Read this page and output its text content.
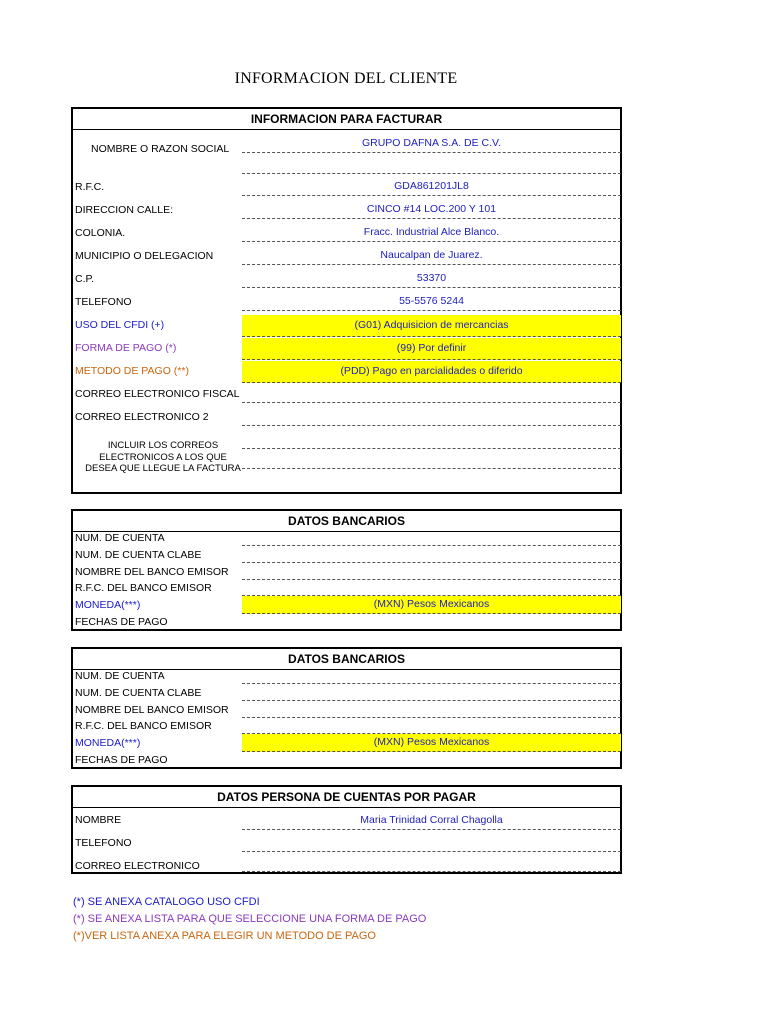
INFORMACION DEL CLIENTE
INFORMACION PARA FACTURAR
NOMBRE O RAZON SOCIAL	GRUPO DAFNA S.A. DE C.V.
R.F.C.	GDA861201JL8
DIRECCION CALLE:	CINCO #14 LOC.200 Y 101
COLONIA.	Fracc. Industrial Alce Blanco.
MUNICIPIO O DELEGACION	Naucalpan de Juarez.
C.P.	53370
TELEFONO	55-5576 5244
USO DEL CFDI (+)	(G01) Adquisicion de mercancias
FORMA DE PAGO (*)	(99) Por definir
METODO DE PAGO (**)	(PDD) Pago en parcialidades o diferido
CORREO ELECTRONICO FISCAL
CORREO ELECTRONICO 2
INCLUIR LOS CORREOS ELECTRONICOS A LOS QUE DESEA QUE LLEGUE LA FACTURA
DATOS BANCARIOS
NUM. DE CUENTA
NUM. DE CUENTA CLABE
NOMBRE DEL BANCO EMISOR
R.F.C. DEL BANCO EMISOR
MONEDA(***)	(MXN) Pesos Mexicanos
FECHAS DE PAGO
DATOS BANCARIOS
NUM. DE CUENTA
NUM. DE CUENTA CLABE
NOMBRE DEL BANCO EMISOR
R.F.C. DEL BANCO EMISOR
MONEDA(***)	(MXN) Pesos Mexicanos
FECHAS DE PAGO
DATOS PERSONA DE CUENTAS POR PAGAR
NOMBRE	Maria Trinidad Corral Chagolla
TELEFONO
CORREO ELECTRONICO
(*) SE ANEXA CATALOGO USO CFDI
(*) SE ANEXA LISTA PARA QUE SELECCIONE UNA FORMA DE PAGO
(*)VER LISTA ANEXA PARA ELEGIR UN METODO DE PAGO
